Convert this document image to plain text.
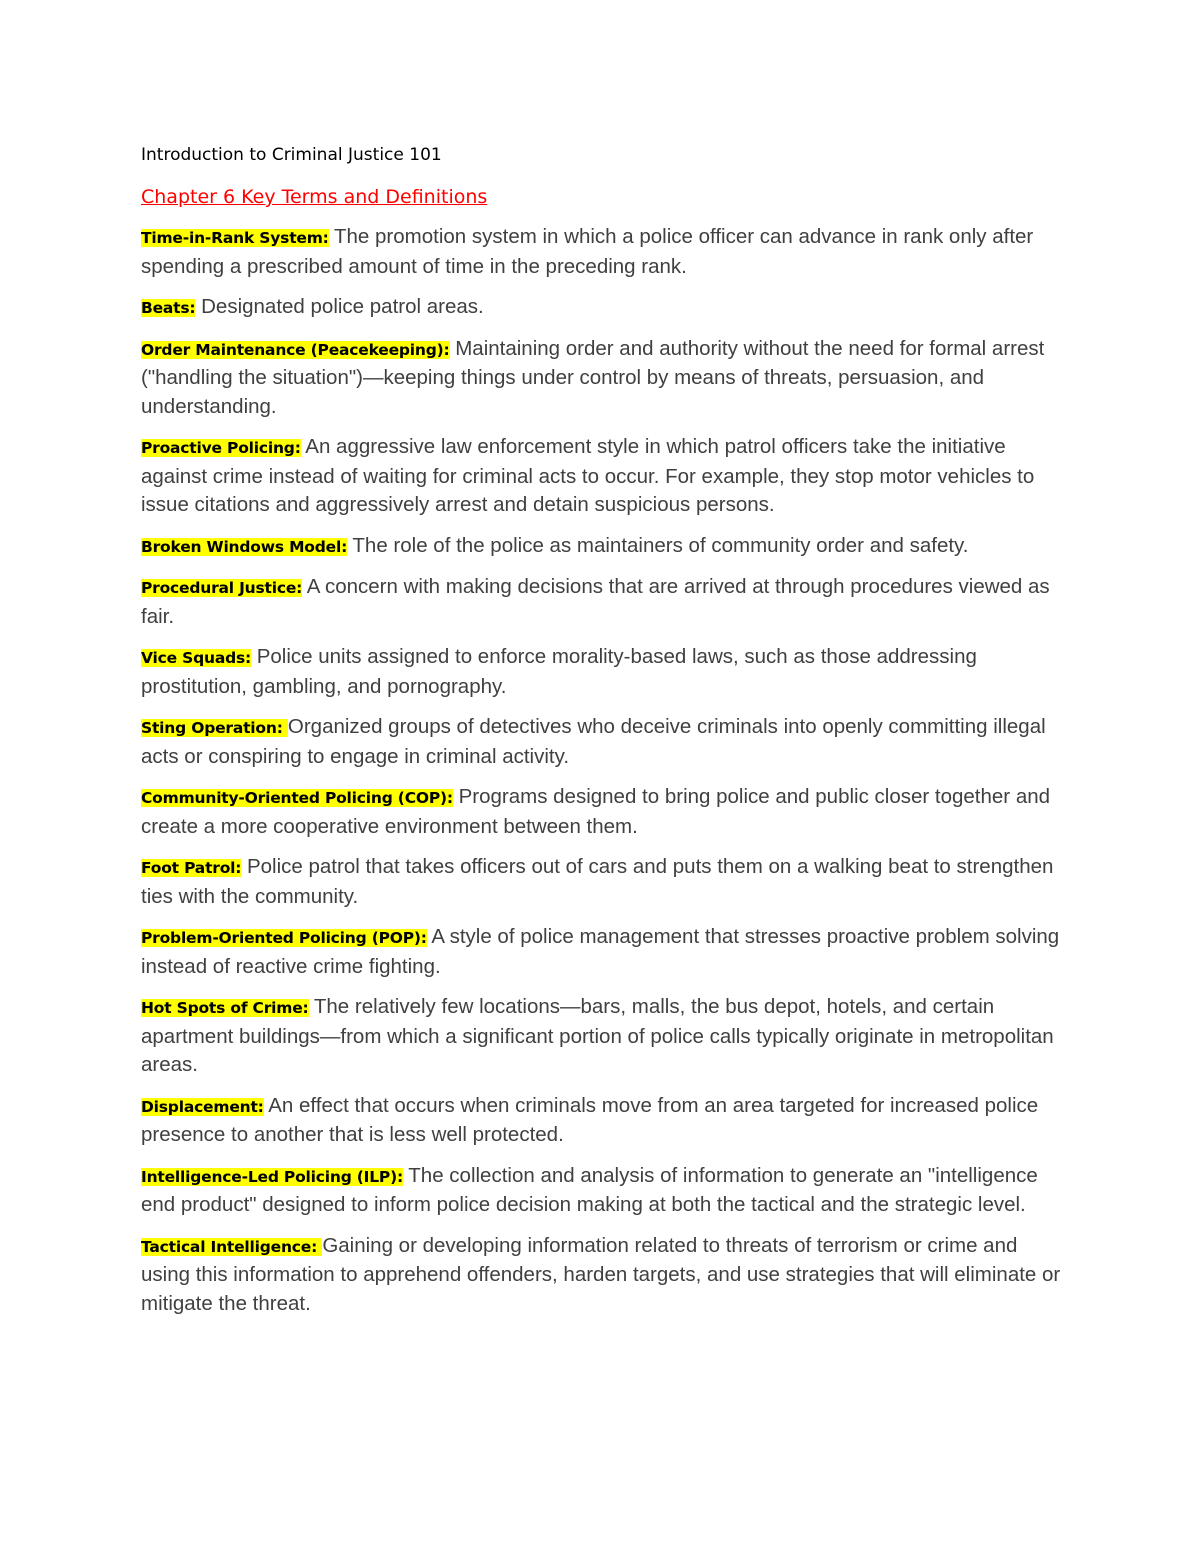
Introduction to Criminal Justice 101

Chapter 6 Key Terms and Definitions

Time-in-Rank System: The promotion system in which a police officer can advance in rank only after spending a prescribed amount of time in the preceding rank.

Beats: Designated police patrol areas.

Order Maintenance (Peacekeeping): Maintaining order and authority without the need for formal arrest ("handling the situation")—keeping things under control by means of threats, persuasion, and understanding.

Proactive Policing: An aggressive law enforcement style in which patrol officers take the initiative against crime instead of waiting for criminal acts to occur. For example, they stop motor vehicles to issue citations and aggressively arrest and detain suspicious persons.

Broken Windows Model: The role of the police as maintainers of community order and safety.

Procedural Justice: A concern with making decisions that are arrived at through procedures viewed as fair.

Vice Squads: Police units assigned to enforce morality-based laws, such as those addressing prostitution, gambling, and pornography.

Sting Operation: Organized groups of detectives who deceive criminals into openly committing illegal acts or conspiring to engage in criminal activity.

Community-Oriented Policing (COP): Programs designed to bring police and public closer together and create a more cooperative environment between them.

Foot Patrol: Police patrol that takes officers out of cars and puts them on a walking beat to strengthen ties with the community.

Problem-Oriented Policing (POP): A style of police management that stresses proactive problem solving instead of reactive crime fighting.

Hot Spots of Crime: The relatively few locations—bars, malls, the bus depot, hotels, and certain apartment buildings—from which a significant portion of police calls typically originate in metropolitan areas.

Displacement: An effect that occurs when criminals move from an area targeted for increased police presence to another that is less well protected.

Intelligence-Led Policing (ILP): The collection and analysis of information to generate an "intelligence end product" designed to inform police decision making at both the tactical and the strategic level.

Tactical Intelligence: Gaining or developing information related to threats of terrorism or crime and using this information to apprehend offenders, harden targets, and use strategies that will eliminate or mitigate the threat.
